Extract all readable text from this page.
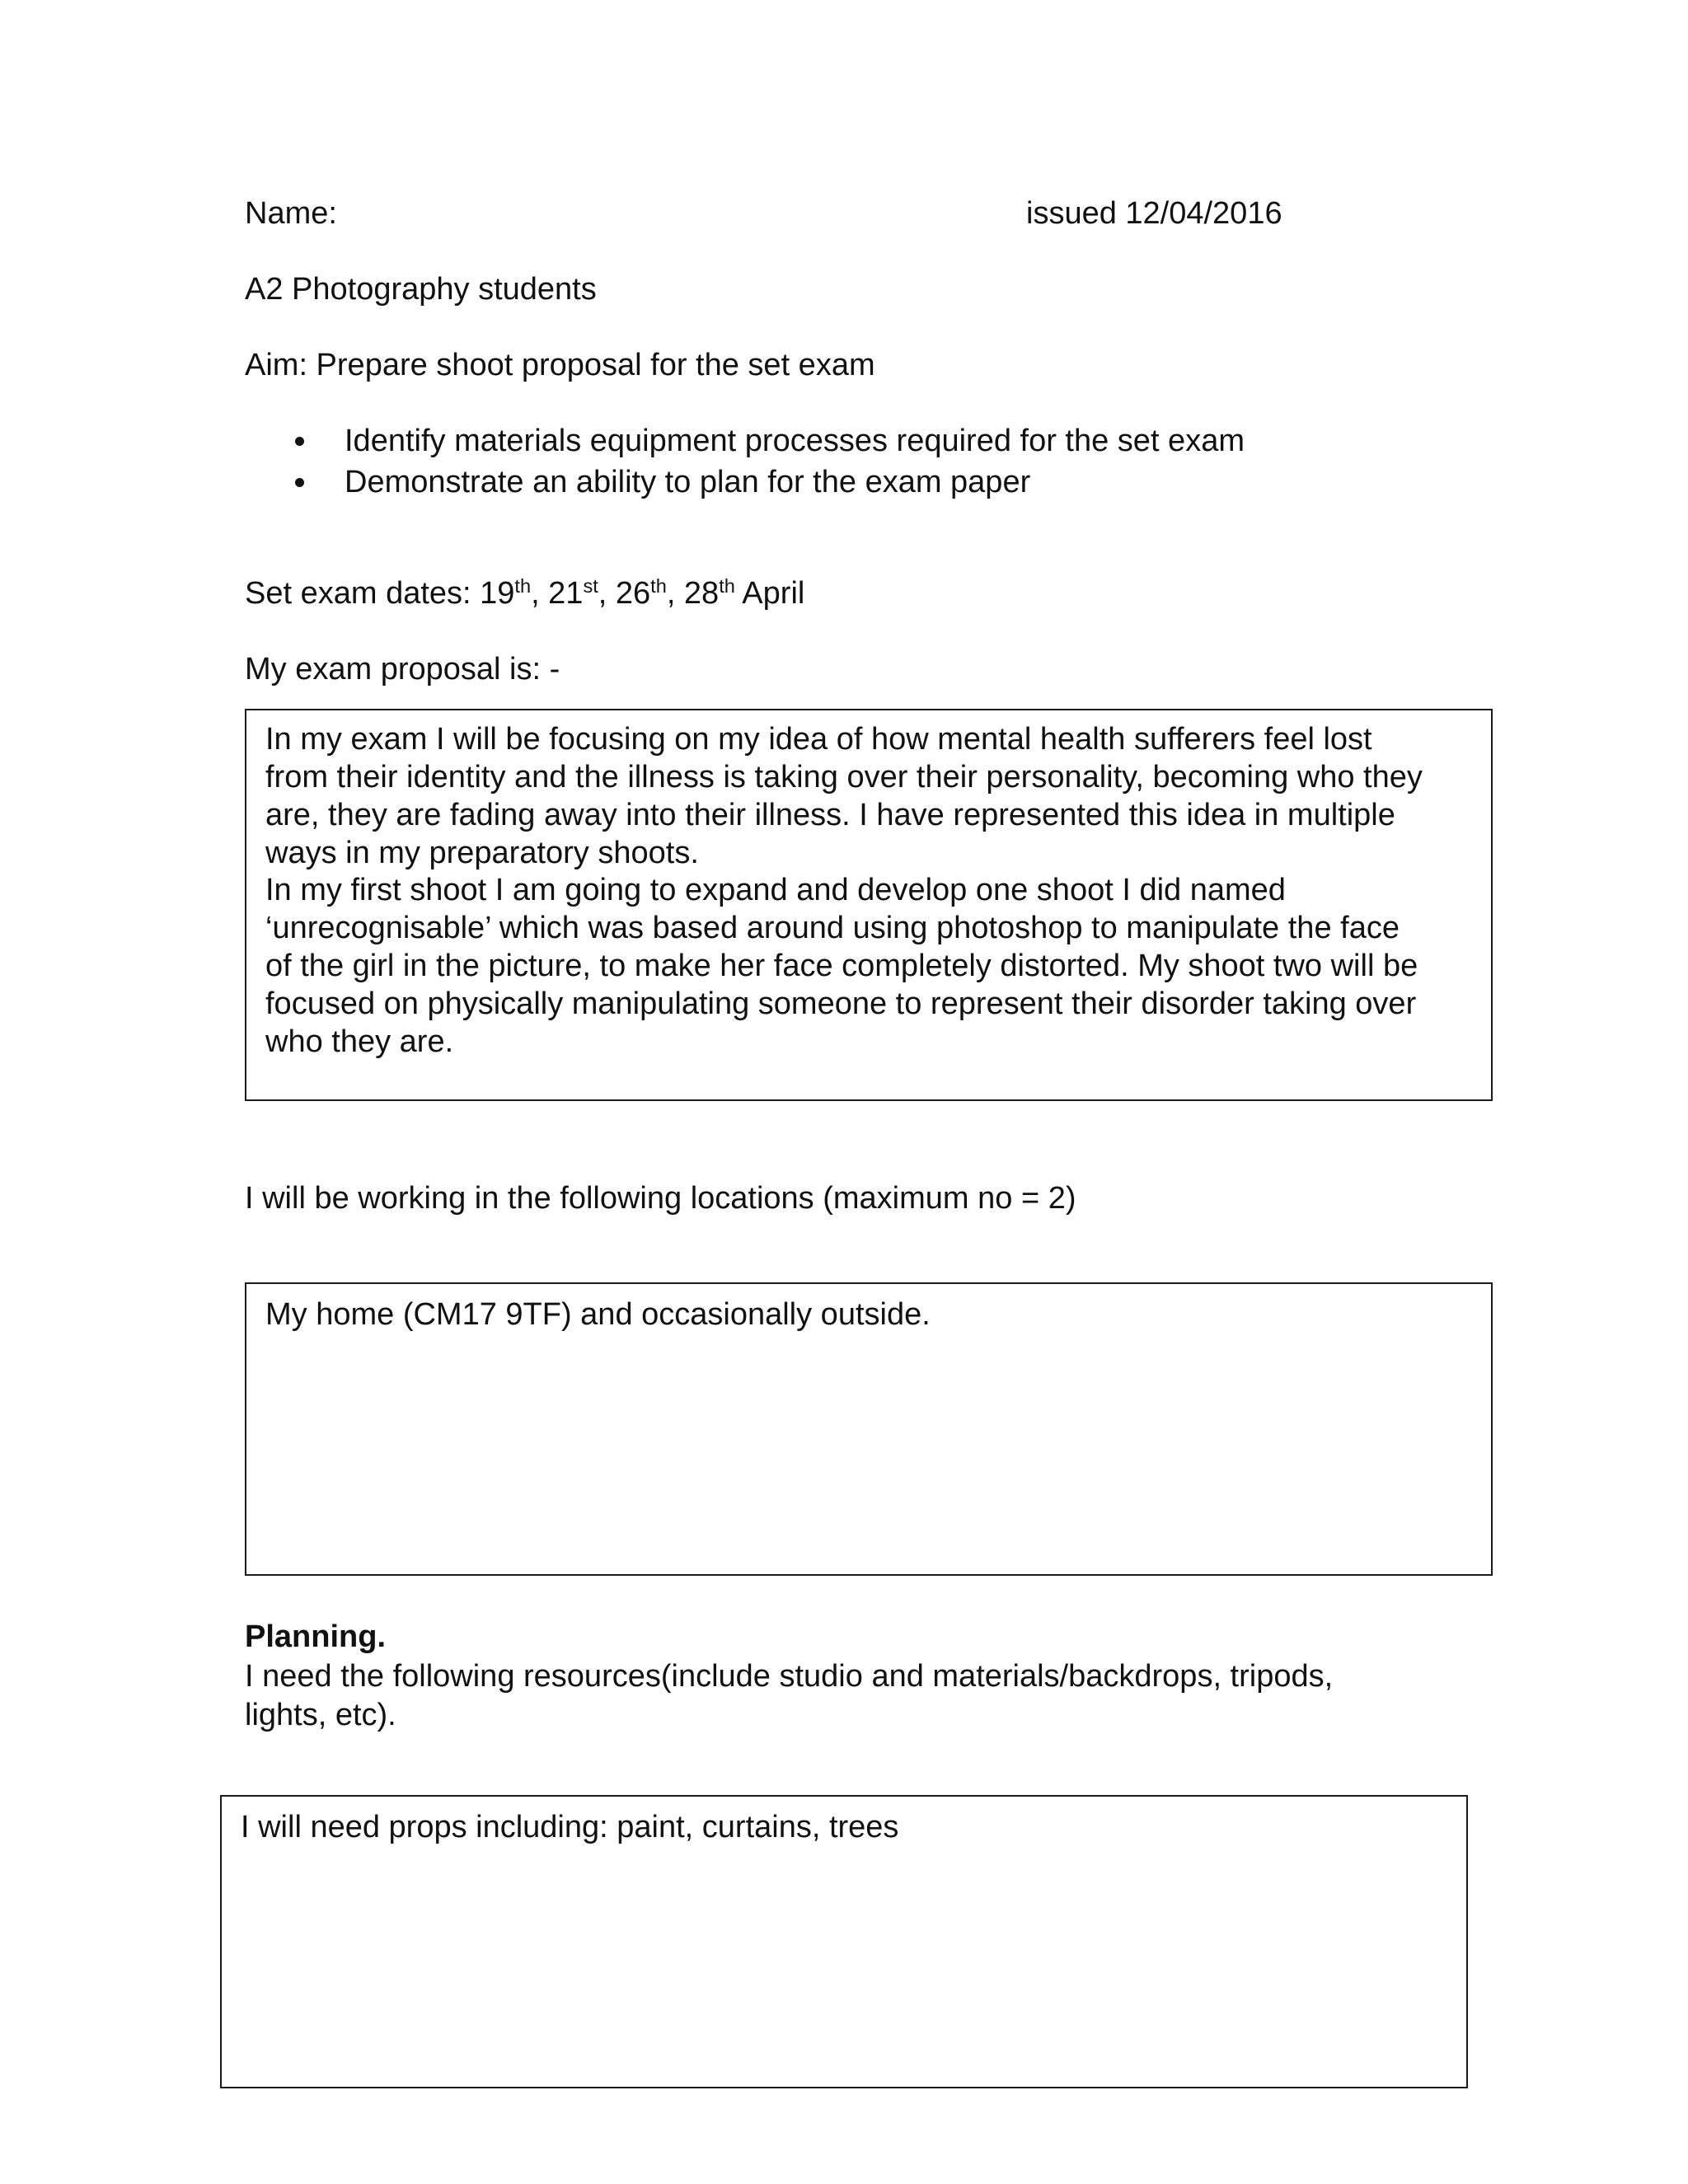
Name:	issued 12/04/2016
A2 Photography students
Aim: Prepare shoot proposal for the set exam
Identify materials equipment processes required for the set exam
Demonstrate an ability to plan for the exam paper
Set exam dates: 19th, 21st, 26th, 28th April
My exam proposal is: -
In my exam I will be focusing on my idea of how mental health sufferers feel lost
from their identity and the illness is taking over their personality, becoming who they
are, they are fading away into their illness. I have represented this idea in multiple
ways in my preparatory shoots.
In my first shoot I am going to expand and develop one shoot I did named
‘unrecognisable’ which was based around using photoshop to manipulate the face
of the girl in the picture, to make her face completely distorted. My shoot two will be
focused on physically manipulating someone to represent their disorder taking over
who they are.
I will be working in the following locations (maximum no = 2)
My home (CM17 9TF) and occasionally outside.
Planning.
I need the following resources(include studio and materials/backdrops, tripods,
lights, etc).
I will need props including: paint, curtains, trees
